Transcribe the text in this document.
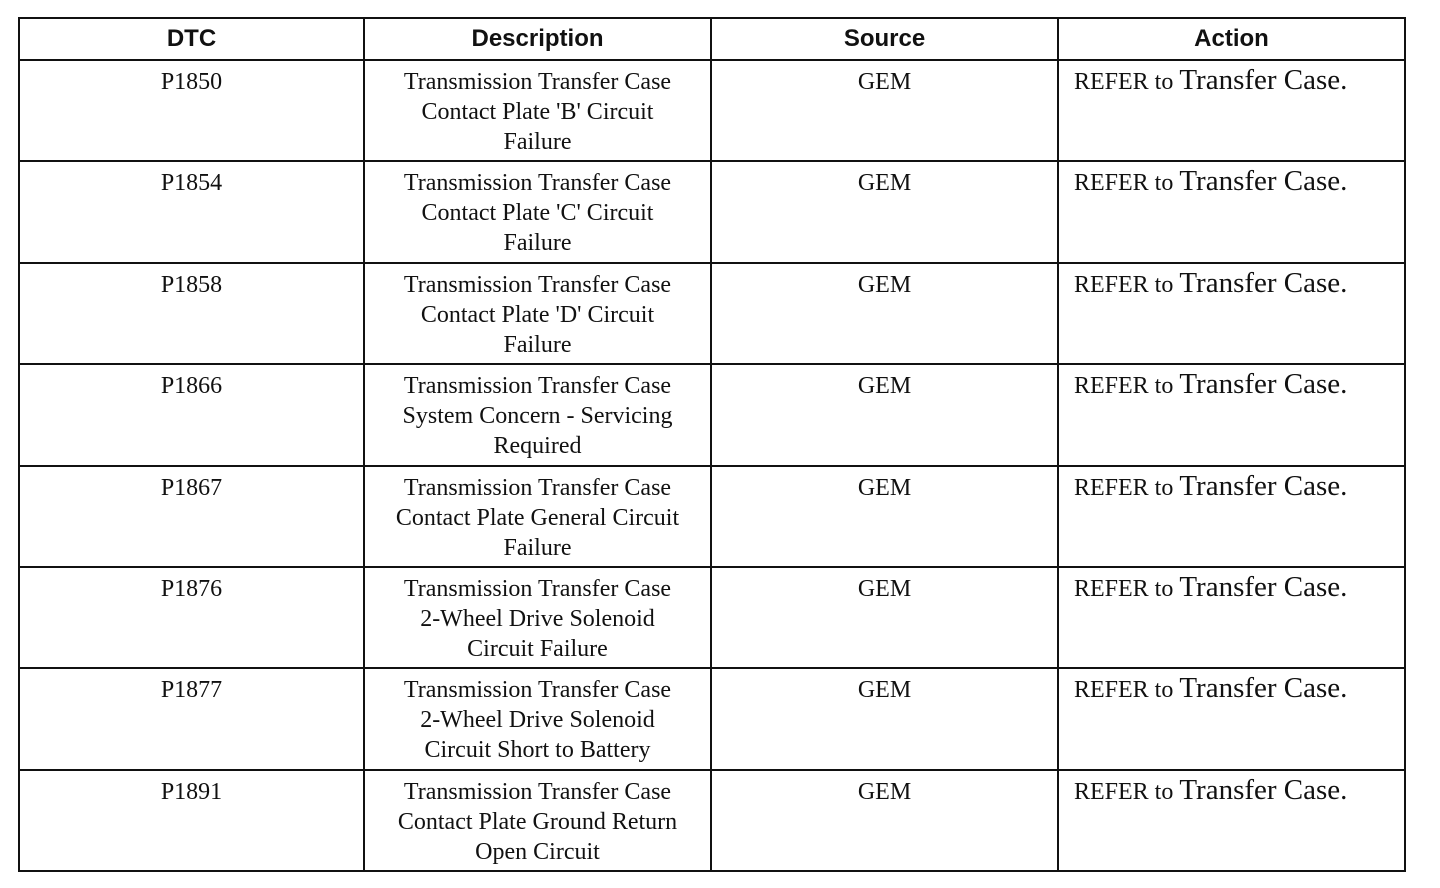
DTC	Description	Source	Action

P1850	Transmission Transfer Case
Contact Plate 'B' Circuit
Failure	GEM	REFER to Transfer Case.

P1854	Transmission Transfer Case
Contact Plate 'C' Circuit
Failure	GEM	REFER to Transfer Case.

P1858	Transmission Transfer Case
Contact Plate 'D' Circuit
Failure	GEM	REFER to Transfer Case.

P1866	Transmission Transfer Case
System Concern - Servicing
Required	GEM	REFER to Transfer Case.

P1867	Transmission Transfer Case
Contact Plate General Circuit
Failure	GEM	REFER to Transfer Case.

P1876	Transmission Transfer Case
2-Wheel Drive Solenoid
Circuit Failure	GEM	REFER to Transfer Case.

P1877	Transmission Transfer Case
2-Wheel Drive Solenoid
Circuit Short to Battery	GEM	REFER to Transfer Case.

P1891	Transmission Transfer Case
Contact Plate Ground Return
Open Circuit	GEM	REFER to Transfer Case.
